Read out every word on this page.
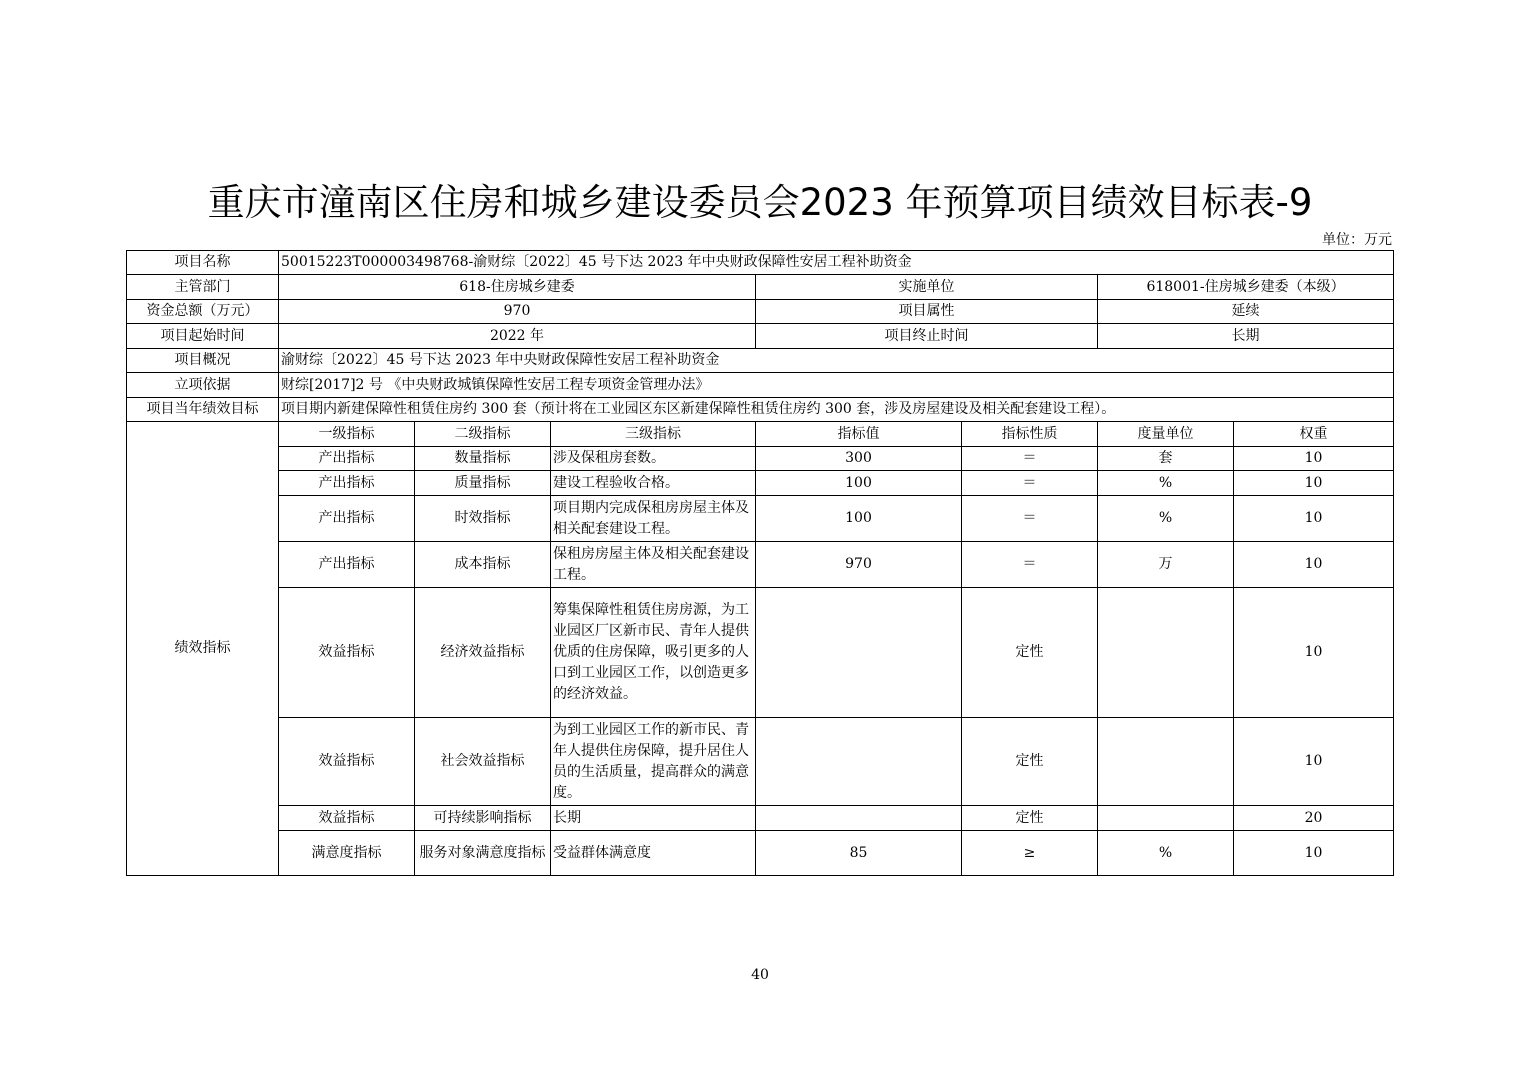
重庆市潼南区住房和城乡建设委员会2023 年预算项目绩效目标表-9
单位：万元
项目名称	50015223T000003498768-渝财综〔2022〕45 号下达 2023 年中央财政保障性安居工程补助资金						
主管部门	618-住房城乡建委			实施单位		618001-住房城乡建委（本级）	
资金总额（万元）	970			项目属性		延续	
项目起始时间	2022 年			项目终止时间		长期	
项目概况	渝财综〔2022〕45 号下达 2023 年中央财政保障性安居工程补助资金						
立项依据	财综[2017]2 号 《中央财政城镇保障性安居工程专项资金管理办法》						
项目当年绩效目标	项目期内新建保障性租赁住房约 300 套（预计将在工业园区东区新建保障性租赁住房约 300 套，涉及房屋建设及相关配套建设工程）。						
绩效指标	一级指标	二级指标	三级指标	指标值	指标性质	度量单位	权重
	产出指标	数量指标	涉及保租房套数。	300	＝	套	10
	产出指标	质量指标	建设工程验收合格。	100	＝	%	10
	产出指标	时效指标	项目期内完成保租房房屋主体及相关配套建设工程。	100	＝	%	10
	产出指标	成本指标	保租房房屋主体及相关配套建设工程。	970	＝	万	10
	效益指标	经济效益指标	筹集保障性租赁住房房源，为工业园区厂区新市民、青年人提供优质的住房保障，吸引更多的人口到工业园区工作，以创造更多的经济效益。		定性		10
	效益指标	社会效益指标	为到工业园区工作的新市民、青年人提供住房保障，提升居住人员的生活质量，提高群众的满意度。		定性		10
	效益指标	可持续影响指标	长期		定性		20
	满意度指标	服务对象满意度指标	受益群体满意度	85	≥	%	10
40
